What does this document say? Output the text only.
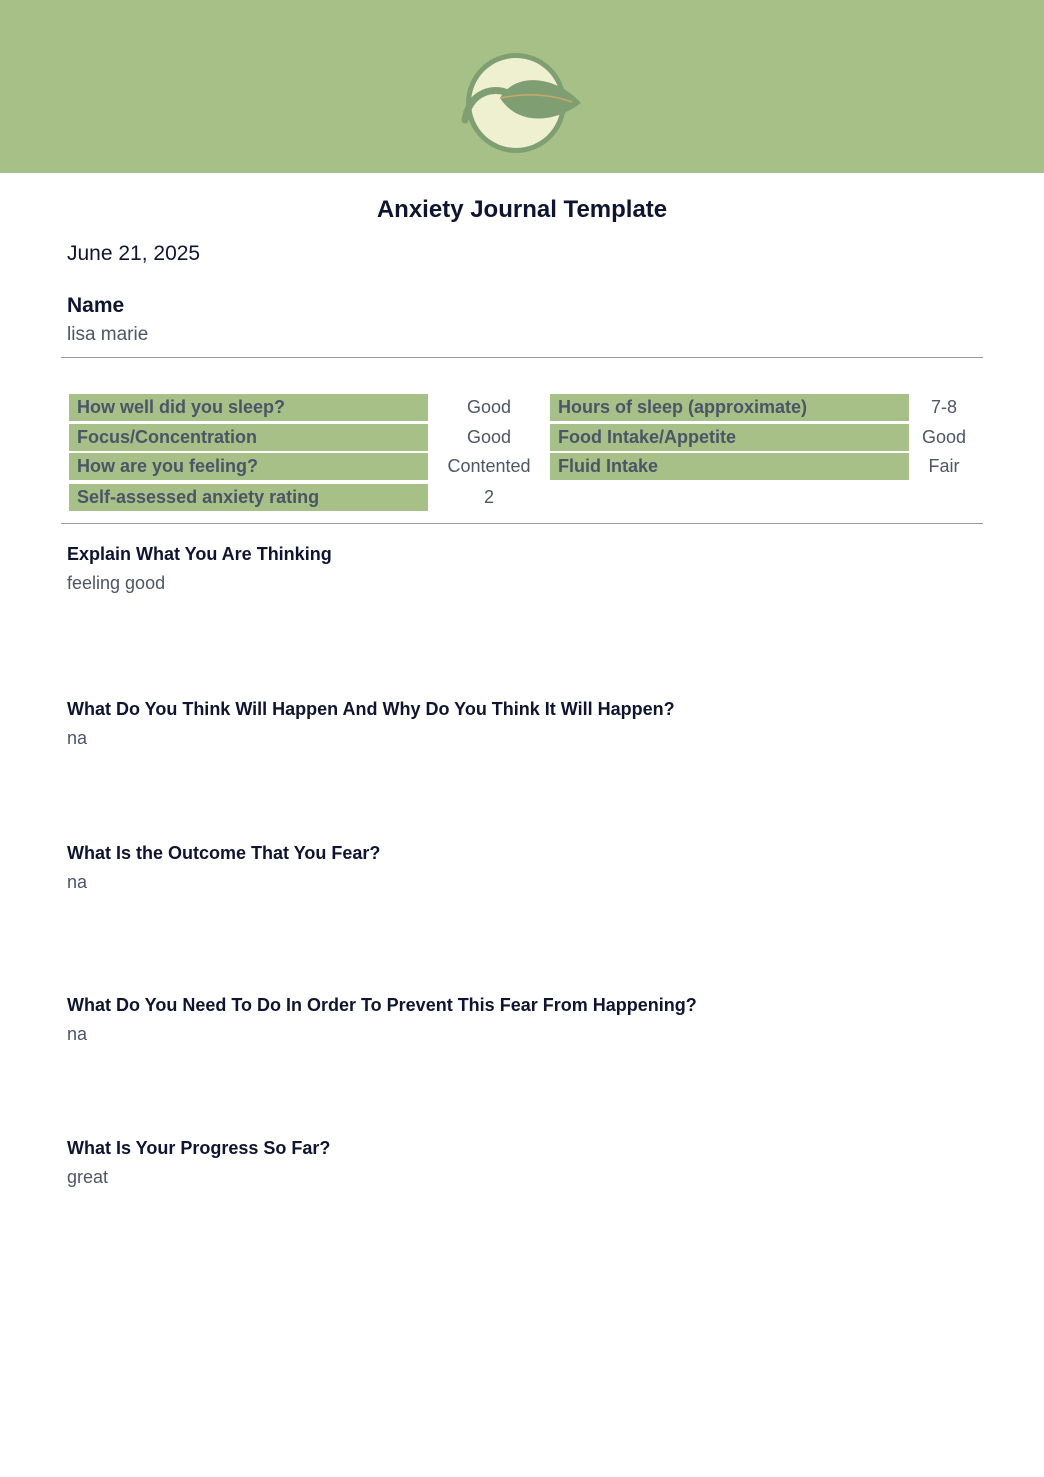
Anxiety Journal Template
June 21, 2025
Name
lisa marie
How well did you sleep?	Good
Focus/Concentration	Good
How are you feeling?	Contented
Self-assessed anxiety rating	2
Hours of sleep (approximate)	7-8
Food Intake/Appetite	Good
Fluid Intake	Fair
Explain What You Are Thinking
feeling good
What Do You Think Will Happen And Why Do You Think It Will Happen?
na
What Is the Outcome That You Fear?
na
What Do You Need To Do In Order To Prevent This Fear From Happening?
na
What Is Your Progress So Far?
great
